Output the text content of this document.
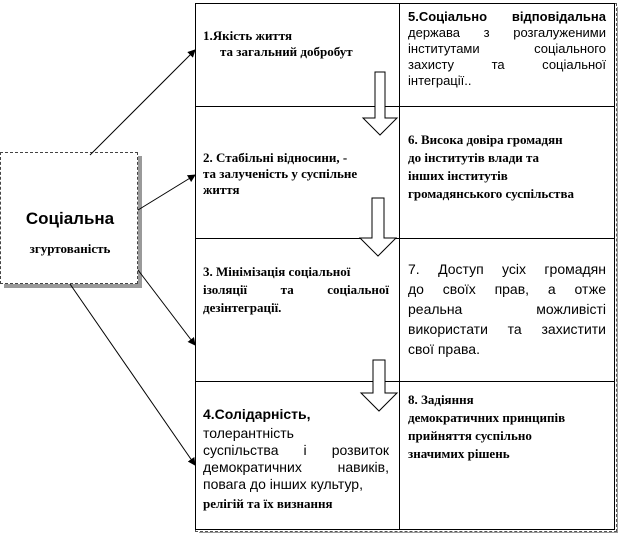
Соціальна
згуртованість
1.Якість життя
та загальний добробут
2. Стабільні відносини, -
та залученість у суспільне
життя
3. Мінімізація соціальної
ізоляції та соціальної
дезінтеграції.
4.Солідарність,
толерантність
суспільства і розвиток
демократичних навиків,
повага до інших культур,
релігій та їх визнання
5.Соціально відповідальна
держава з розгалуженими
інститутами соціального
захисту та соціальної
інтеграції..
6. Висока довіра громадян
до інститутів влади та
інших інститутів
громадянського суспільства
7. Доступ усіх громадян
до своїх прав, а отже
реальна можливісті
використати та захистити
свої права.
8. Задіяння
демократичних принципів
прийняття суспільно
значимих рішень
